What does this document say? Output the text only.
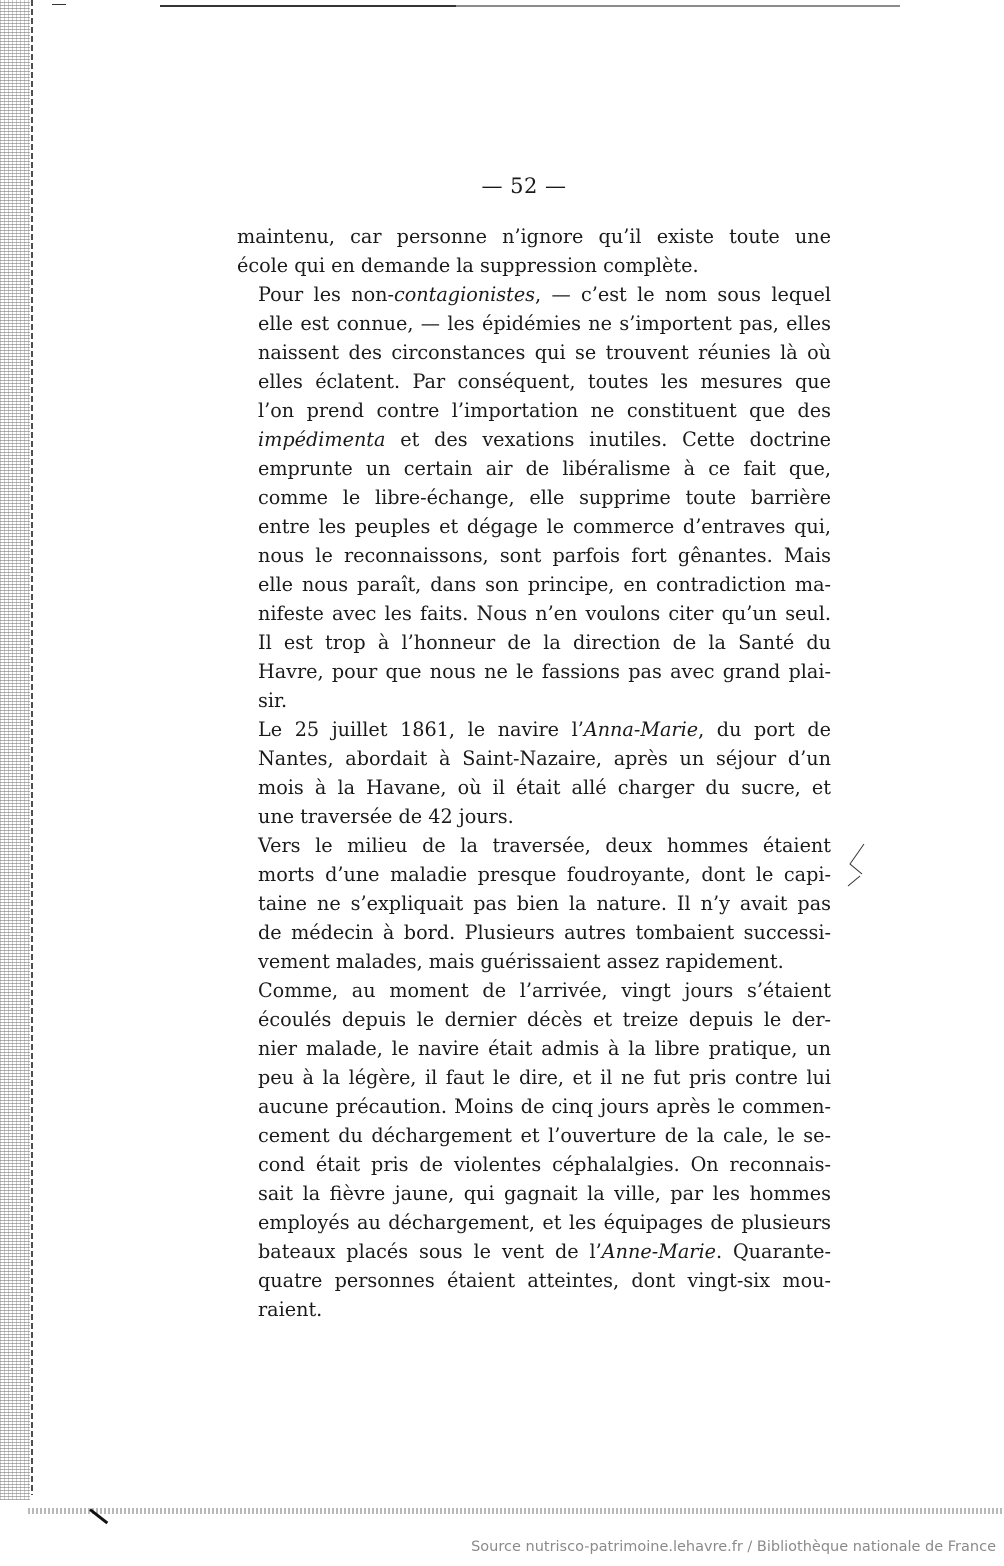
— 52 —

maintenu, car personne n’ignore qu’il existe toute une
école qui en demande la suppression complète.

Pour les non-contagionistes, — c’est le nom sous lequel
elle est connue, — les épidémies ne s’importent pas, elles
naissent des circonstances qui se trouvent réunies là où
elles éclatent. Par conséquent, toutes les mesures que
l’on prend contre l’importation ne constituent que des
impédimenta et des vexations inutiles. Cette doctrine
emprunte un certain air de libéralisme à ce fait que,
comme le libre-échange, elle supprime toute barrière
entre les peuples et dégage le commerce d’entraves qui,
nous le reconnaissons, sont parfois fort gênantes. Mais
elle nous paraît, dans son principe, en contradiction ma-
nifeste avec les faits. Nous n’en voulons citer qu’un seul.
Il est trop à l’honneur de la direction de la Santé du
Havre, pour que nous ne le fassions pas avec grand plai-
sir.

Le 25 juillet 1861, le navire l’Anna-Marie, du port de
Nantes, abordait à Saint-Nazaire, après un séjour d’un
mois à la Havane, où il était allé charger du sucre, et
une traversée de 42 jours.

Vers le milieu de la traversée, deux hommes étaient
morts d’une maladie presque foudroyante, dont le capi-
taine ne s’expliquait pas bien la nature. Il n’y avait pas
de médecin à bord. Plusieurs autres tombaient successi-
vement malades, mais guérissaient assez rapidement.

Comme, au moment de l’arrivée, vingt jours s’étaient
écoulés depuis le dernier décès et treize depuis le der-
nier malade, le navire était admis à la libre pratique, un
peu à la légère, il faut le dire, et il ne fut pris contre lui
aucune précaution. Moins de cinq jours après le commen-
cement du déchargement et l’ouverture de la cale, le se-
cond était pris de violentes céphalalgies. On reconnais-
sait la fièvre jaune, qui gagnait la ville, par les hommes
employés au déchargement, et les équipages de plusieurs
bateaux placés sous le vent de l’Anne-Marie. Quarante-
quatre personnes étaient atteintes, dont vingt-six mou-
raient.

Source nutrisco-patrimoine.lehavre.fr / Bibliothèque nationale de France
